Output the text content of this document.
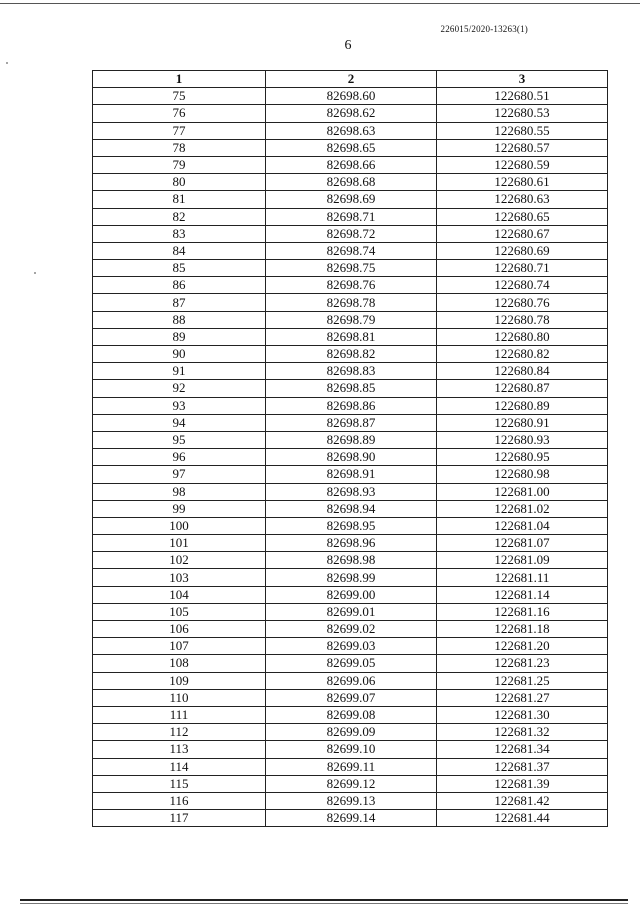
226015/2020-13263(1)
6
1	2	3
75	82698.60	122680.51
76	82698.62	122680.53
77	82698.63	122680.55
78	82698.65	122680.57
79	82698.66	122680.59
80	82698.68	122680.61
81	82698.69	122680.63
82	82698.71	122680.65
83	82698.72	122680.67
84	82698.74	122680.69
85	82698.75	122680.71
86	82698.76	122680.74
87	82698.78	122680.76
88	82698.79	122680.78
89	82698.81	122680.80
90	82698.82	122680.82
91	82698.83	122680.84
92	82698.85	122680.87
93	82698.86	122680.89
94	82698.87	122680.91
95	82698.89	122680.93
96	82698.90	122680.95
97	82698.91	122680.98
98	82698.93	122681.00
99	82698.94	122681.02
100	82698.95	122681.04
101	82698.96	122681.07
102	82698.98	122681.09
103	82698.99	122681.11
104	82699.00	122681.14
105	82699.01	122681.16
106	82699.02	122681.18
107	82699.03	122681.20
108	82699.05	122681.23
109	82699.06	122681.25
110	82699.07	122681.27
111	82699.08	122681.30
112	82699.09	122681.32
113	82699.10	122681.34
114	82699.11	122681.37
115	82699.12	122681.39
116	82699.13	122681.42
117	82699.14	122681.44
